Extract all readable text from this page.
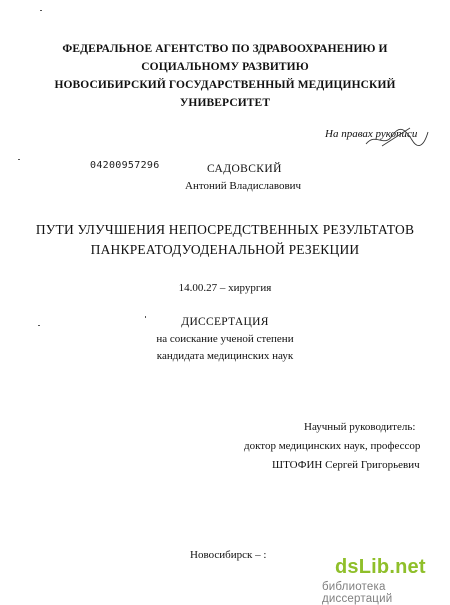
ФЕДЕРАЛЬНОЕ АГЕНТСТВО ПО ЗДРАВООХРАНЕНИЮ И
СОЦИАЛЬНОМУ РАЗВИТИЮ
НОВОСИБИРСКИЙ ГОСУДАРСТВЕННЫЙ МЕДИЦИНСКИЙ
УНИВЕРСИТЕТ
На правах рукописи
04200957296	САДОВСКИЙ
Антоний Владиславович
ПУТИ УЛУЧШЕНИЯ НЕПОСРЕДСТВЕННЫХ РЕЗУЛЬТАТОВ
ПАНКРЕАТОДУОДЕНАЛЬНОЙ РЕЗЕКЦИИ
14.00.27 – хирургия
ДИССЕРТАЦИЯ
на соискание ученой степени
кандидата медицинских наук
Научный руководитель:
доктор медицинских наук, профессор
ШТОФИН Сергей Григорьевич
Новосибирск – :
dsLib.net
библиотека диссертаций
